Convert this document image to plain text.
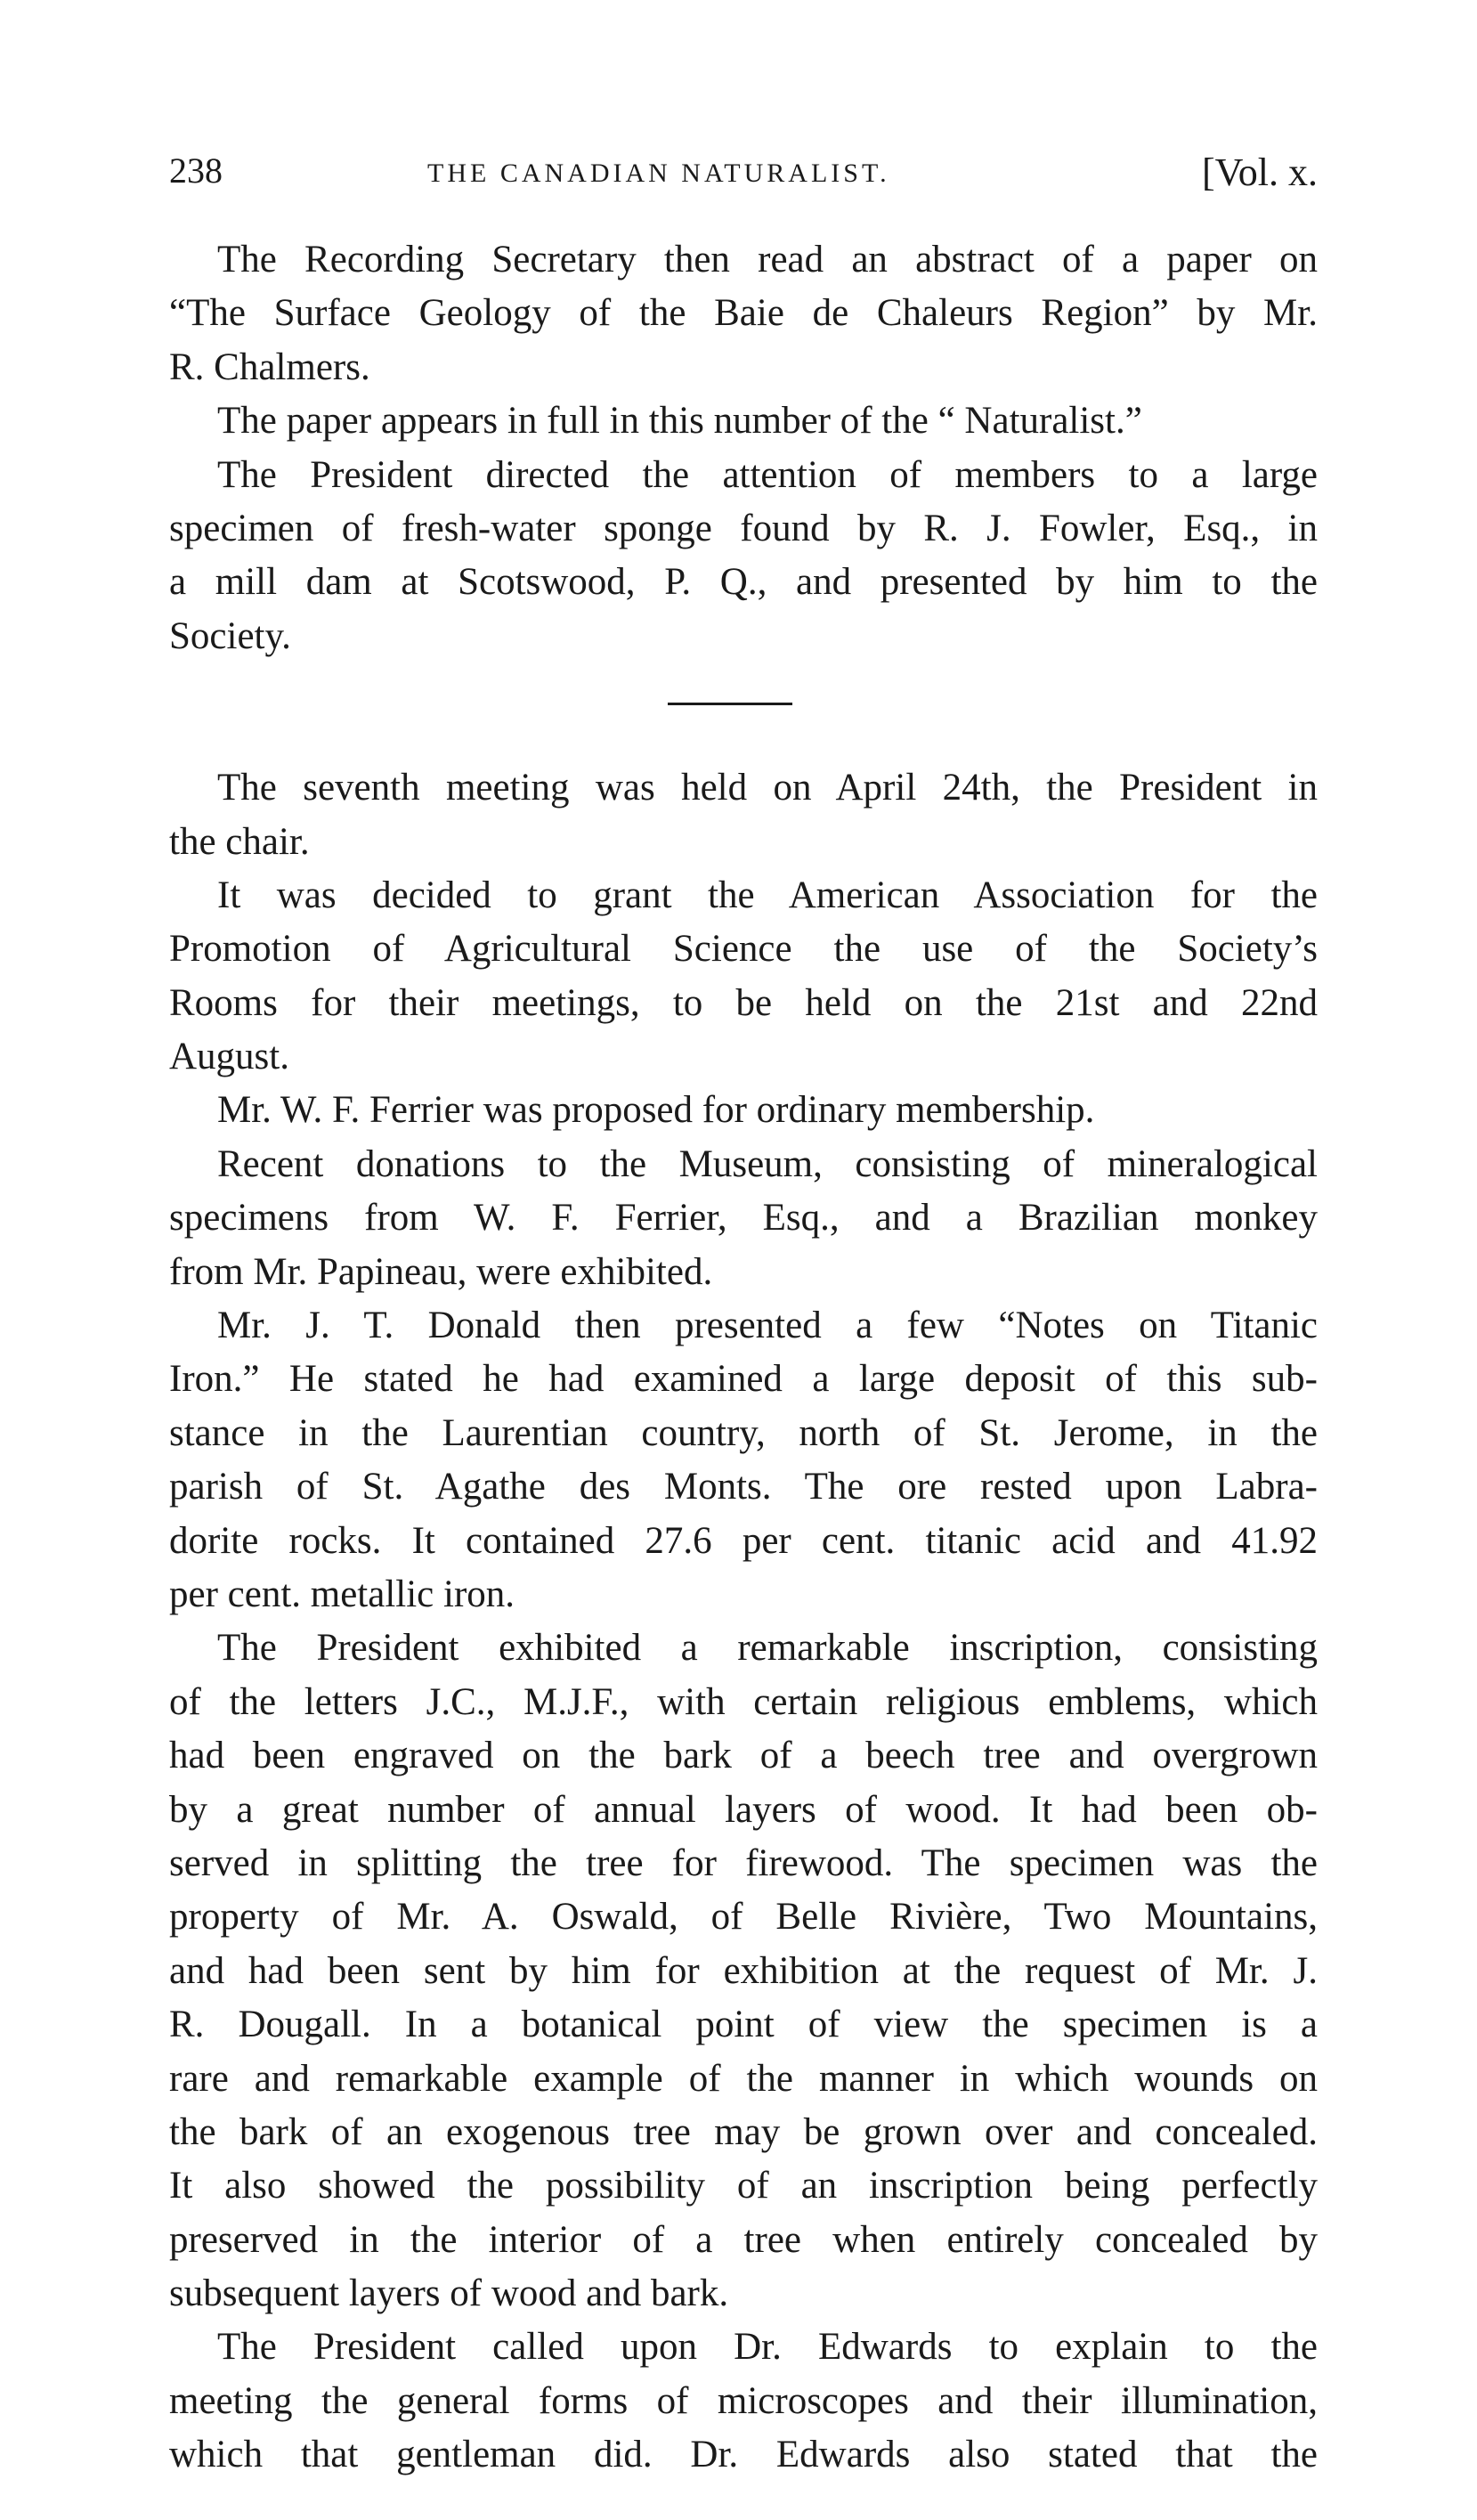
238	THE CANADIAN NATURALIST.	[Vol. x.
The Recording Secretary then read an abstract of a paper on
“The Surface Geology of the Baie de Chaleurs Region” by Mr.
R. Chalmers.
The paper appears in full in this number of the “ Naturalist.”
The President directed the attention of members to a large
specimen of fresh-water sponge found by R. J. Fowler, Esq., in
a mill dam at Scotswood, P. Q., and presented by him to the
Society.
The seventh meeting was held on April 24th, the President in
the chair.
It was decided to grant the American Association for the
Promotion of Agricultural Science the use of the Society’s
Rooms for their meetings, to be held on the 21st and 22nd
August.
Mr. W. F. Ferrier was proposed for ordinary membership.
Recent donations to the Museum, consisting of mineralogical
specimens from W. F. Ferrier, Esq., and a Brazilian monkey
from Mr. Papineau, were exhibited.
Mr. J. T. Donald then presented a few “Notes on Titanic
Iron.” He stated he had examined a large deposit of this sub-
stance in the Laurentian country, north of St. Jerome, in the
parish of St. Agathe des Monts. The ore rested upon Labra-
dorite rocks. It contained 27.6 per cent. titanic acid and 41.92
per cent. metallic iron.
The President exhibited a remarkable inscription, consisting
of the letters J.C., M.J.F., with certain religious emblems, which
had been engraved on the bark of a beech tree and overgrown
by a great number of annual layers of wood. It had been ob-
served in splitting the tree for firewood. The specimen was the
property of Mr. A. Oswald, of Belle Rivière, Two Mountains,
and had been sent by him for exhibition at the request of Mr. J.
R. Dougall. In a botanical point of view the specimen is a
rare and remarkable example of the manner in which wounds on
the bark of an exogenous tree may be grown over and concealed.
It also showed the possibility of an inscription being perfectly
preserved in the interior of a tree when entirely concealed by
subsequent layers of wood and bark.
The President called upon Dr. Edwards to explain to the
meeting the general forms of microscopes and their illumination,
which that gentleman did. Dr. Edwards also stated that the
